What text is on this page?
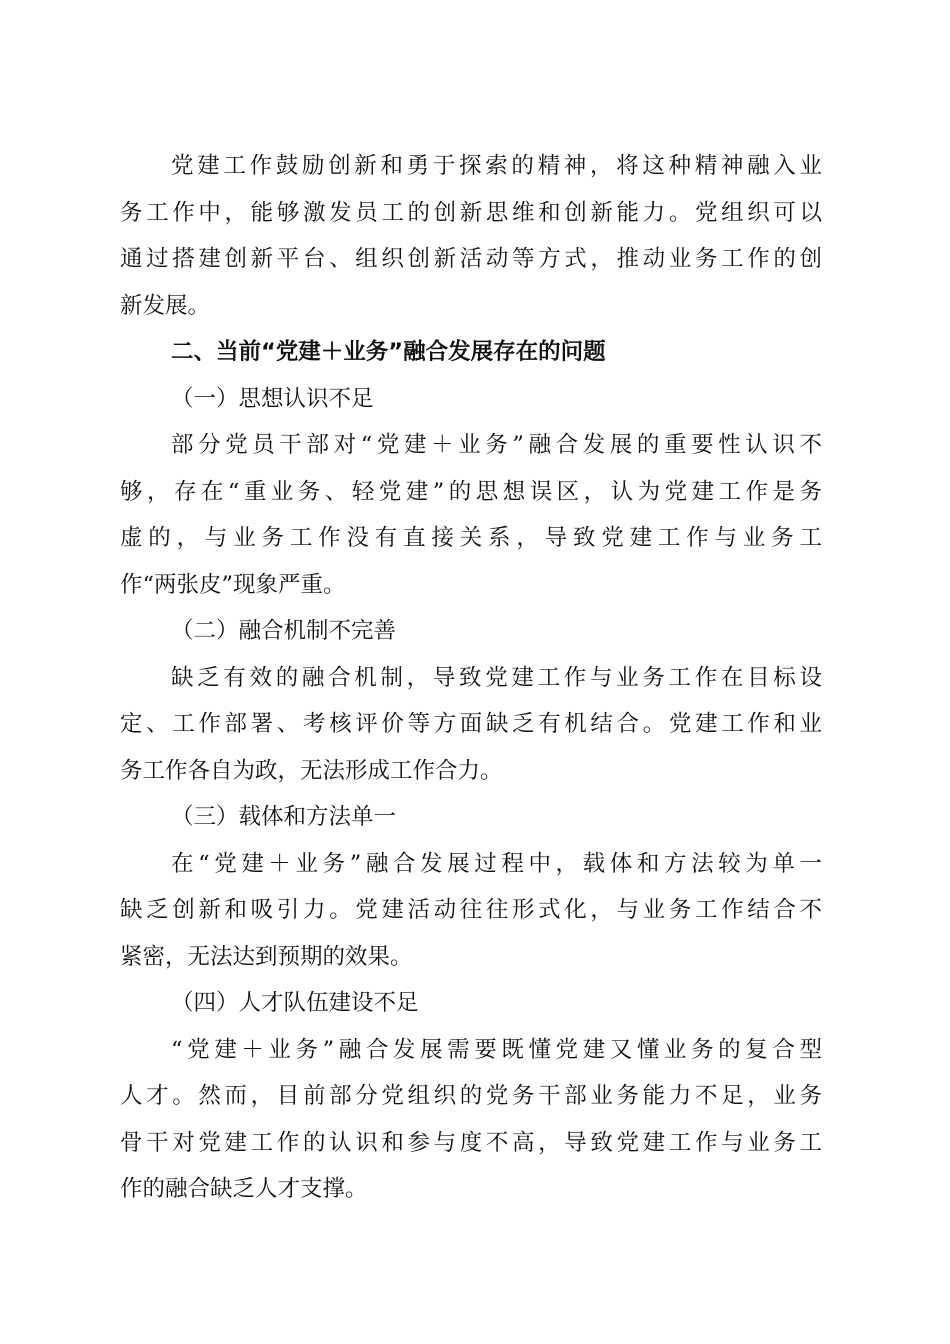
党建工作鼓励创新和勇于探索的精神，将这种精神融入业
务工作中，能够激发员工的创新思维和创新能力。党组织可以
通过搭建创新平台、组织创新活动等方式，推动业务工作的创
新发展。
二、当前“党建＋业务”融合发展存在的问题
（一）思想认识不足
部分党员干部对“党建＋业务”融合发展的重要性认识不
够，存在“重业务、轻党建”的思想误区，认为党建工作是务
虚的，与业务工作没有直接关系，导致党建工作与业务工
作“两张皮”现象严重。
（二）融合机制不完善
缺乏有效的融合机制，导致党建工作与业务工作在目标设
定、工作部署、考核评价等方面缺乏有机结合。党建工作和业
务工作各自为政，无法形成工作合力。
（三）载体和方法单一
在“党建＋业务”融合发展过程中，载体和方法较为单一
缺乏创新和吸引力。党建活动往往形式化，与业务工作结合不
紧密，无法达到预期的效果。
（四）人才队伍建设不足
“党建＋业务”融合发展需要既懂党建又懂业务的复合型
人才。然而，目前部分党组织的党务干部业务能力不足，业务
骨干对党建工作的认识和参与度不高，导致党建工作与业务工
作的融合缺乏人才支撑。
